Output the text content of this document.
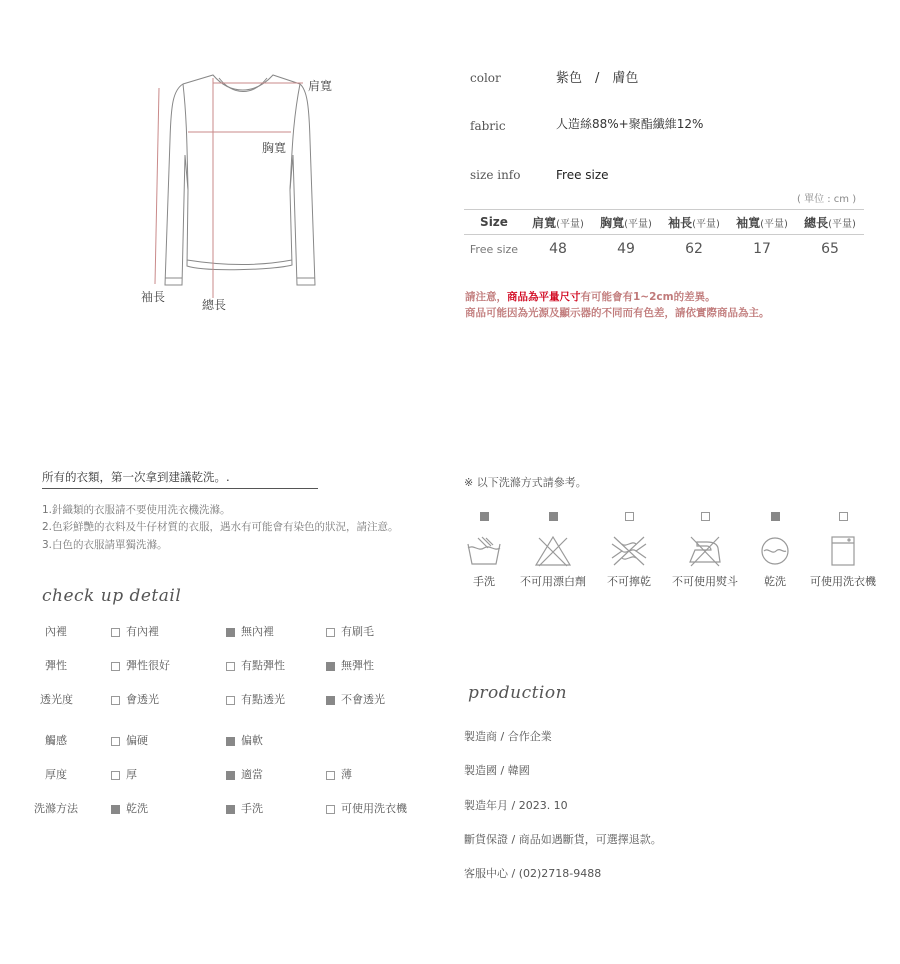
肩寬
胸寬
袖長
總長
color	紫色　/　膚色
fabric	人造絲88%+聚酯纖維12%
size info	Free size
( 單位 : cm )
Size	肩寬(平量)	胸寬(平量)	袖長(平量)	袖寬(平量)	總長(平量)
Free size	48	49	62	17	65
請注意，商品為平量尺寸有可能會有1~2cm的差異。
商品可能因為光源及顯示器的不同而有色差，請依實際商品為主。
所有的衣類，第一次拿到建議乾洗。.
1.針織類的衣服請不要使用洗衣機洗滌。
2.色彩鮮艷的衣料及牛仔材質的衣服，遇水有可能會有染色的狀況，請注意。
3.白色的衣服請單獨洗滌。
※ 以下洗滌方式請參考。
手洗	不可用漂白劑	不可擰乾	不可使用熨斗	乾洗	可使用洗衣機
check up detail
內裡	有內裡	無內裡	有刷毛
彈性	彈性很好	有點彈性	無彈性
透光度	會透光	有點透光	不會透光
觸感	偏硬	偏軟
厚度	厚	適當	薄
洗滌方法	乾洗	手洗	可使用洗衣機
production
製造商 / 合作企業
製造國 / 韓國
製造年月 / 2023. 10
斷貨保證 / 商品如遇斷貨，可選擇退款。
客服中心 / (02)2718-9488
